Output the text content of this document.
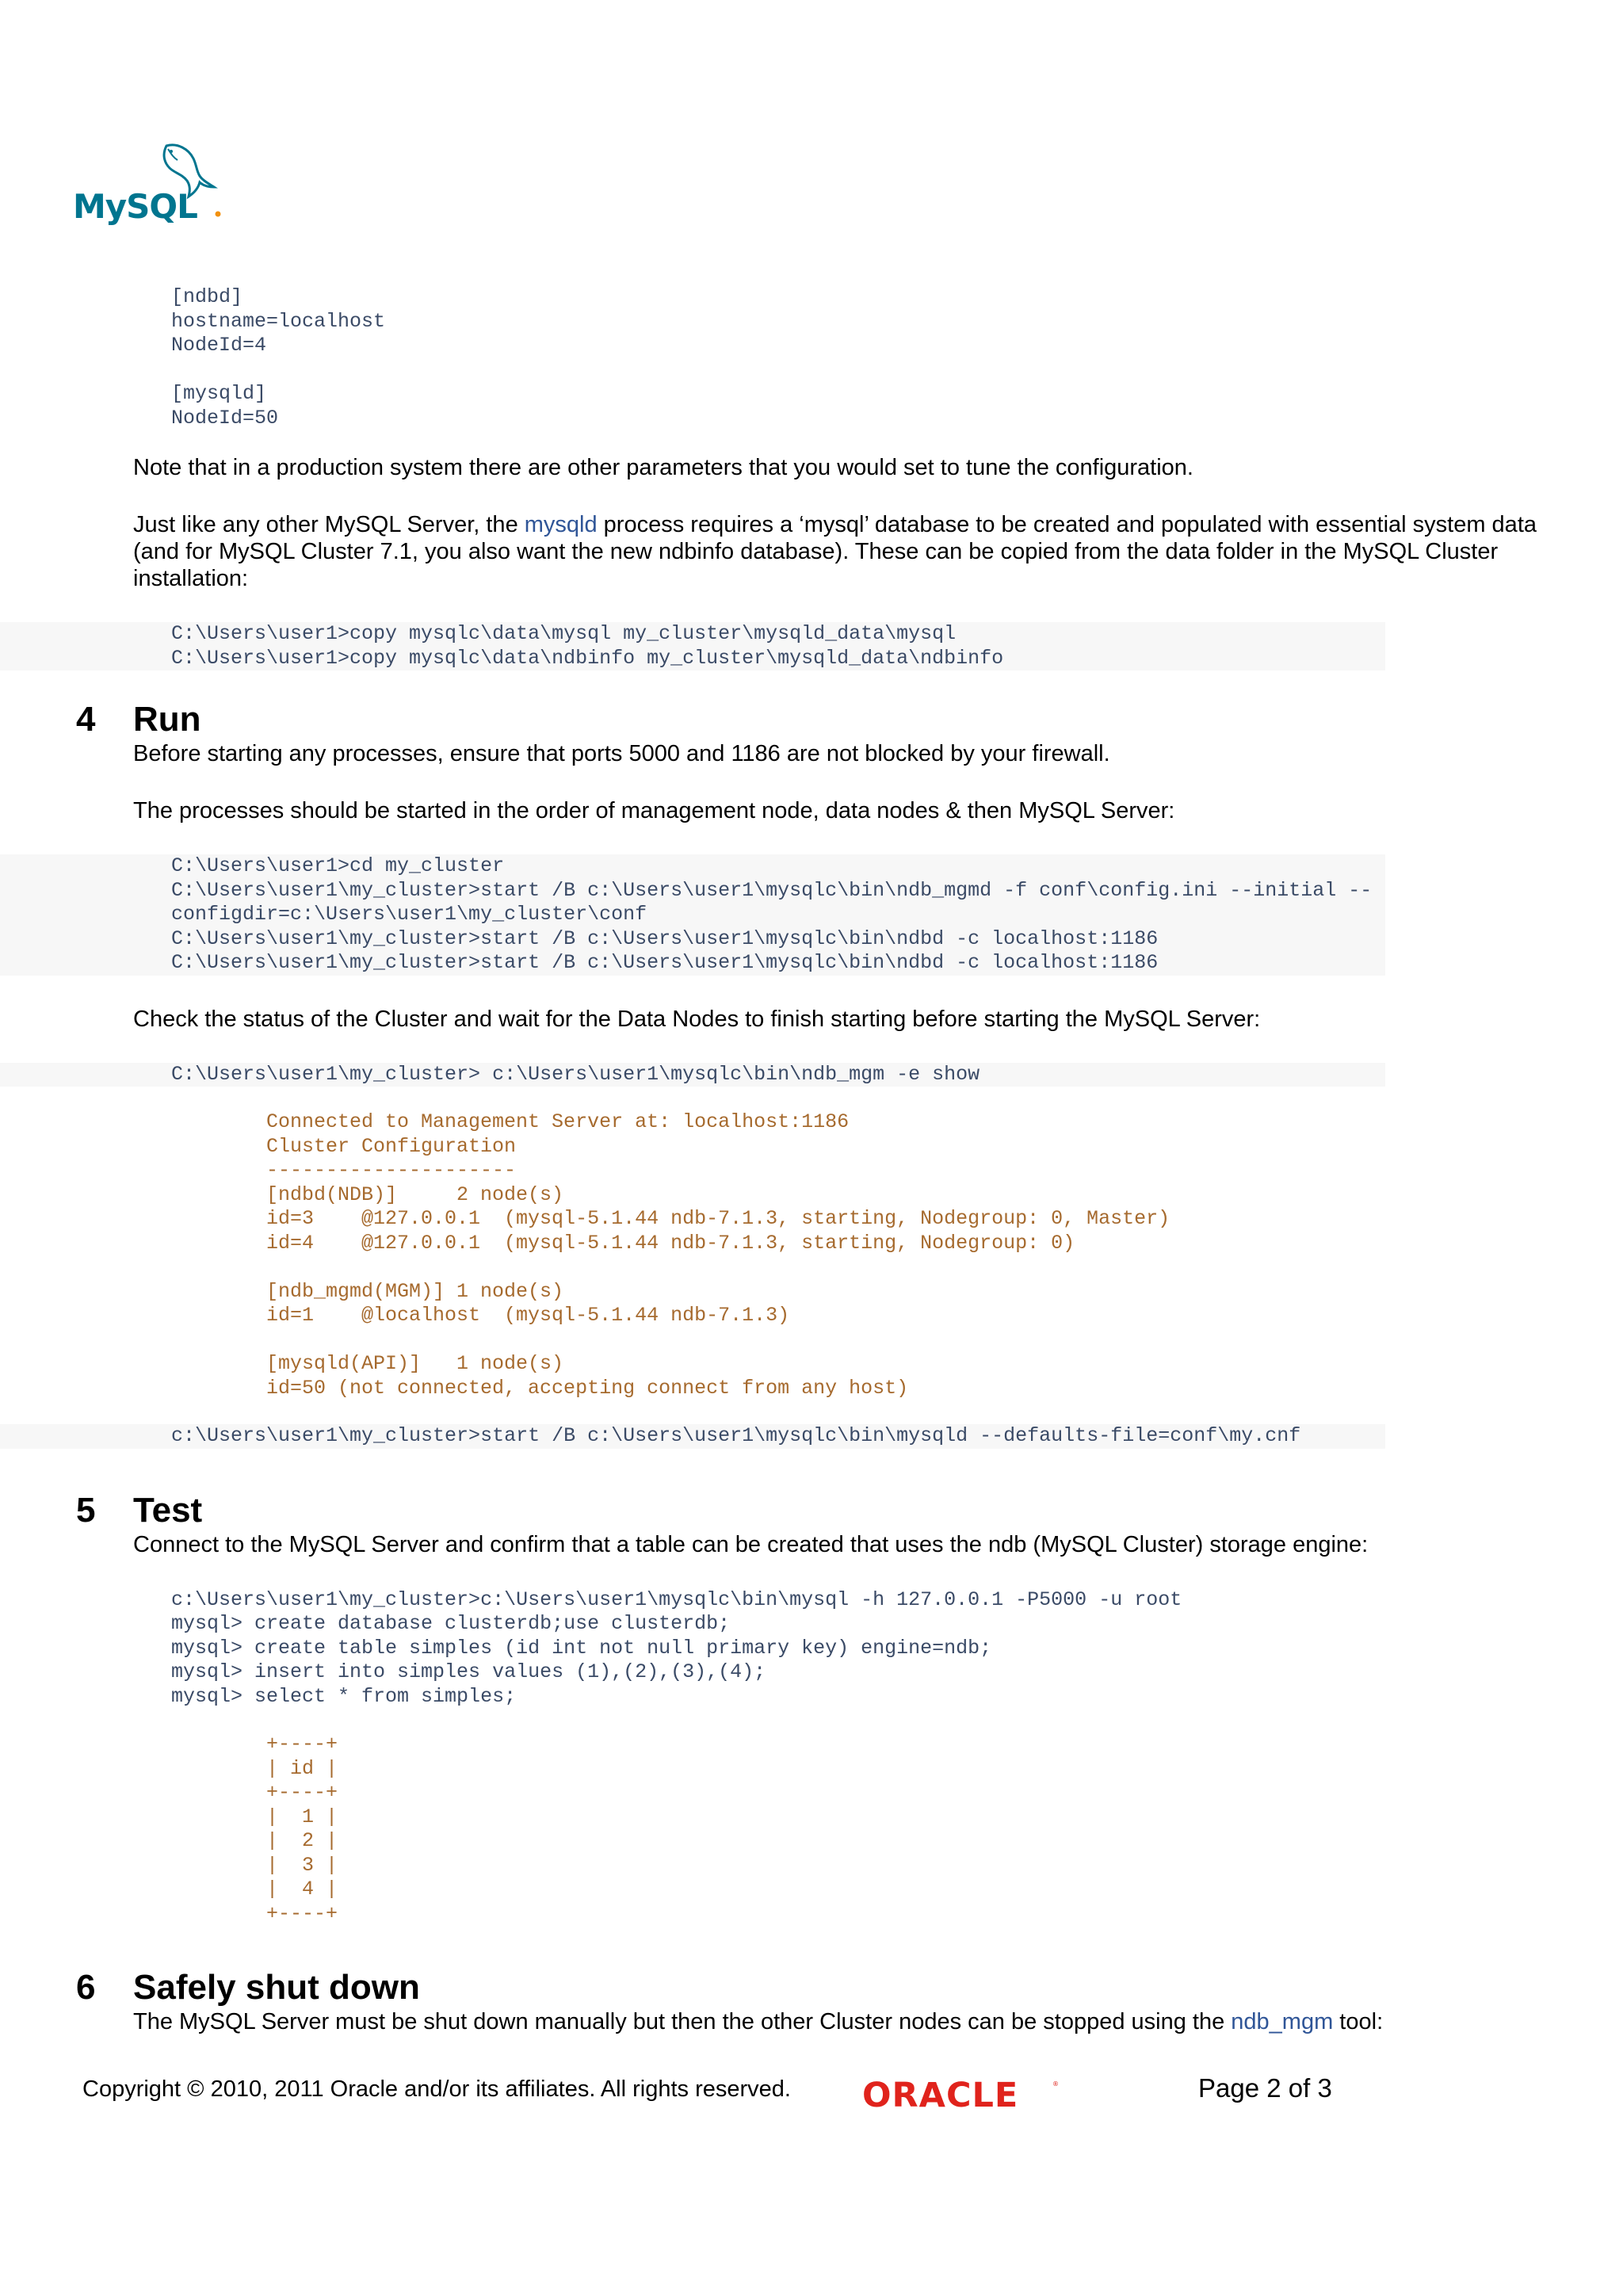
MySQL
[ndbd]
hostname=localhost
NodeId=4

[mysqld]
NodeId=50

Note that in a production system there are other parameters that you would set to tune the configuration.

Just like any other MySQL Server, the mysqld process requires a ‘mysql’ database to be created and populated with essential system data (and for MySQL Cluster 7.1, you also want the new ndbinfo database). These can be copied from the data folder in the MySQL Cluster installation:

C:\Users\user1>copy mysqlc\data\mysql my_cluster\mysqld_data\mysql
C:\Users\user1>copy mysqlc\data\ndbinfo my_cluster\mysqld_data\ndbinfo
4 Run

Before starting any processes, ensure that ports 5000 and 1186 are not blocked by your firewall.

The processes should be started in the order of management node, data nodes & then MySQL Server:

C:\Users\user1>cd my_cluster
C:\Users\user1\my_cluster>start /B c:\Users\user1\mysqlc\bin\ndb_mgmd -f conf\config.ini --initial --
configdir=c:\Users\user1\my_cluster\conf
C:\Users\user1\my_cluster>start /B c:\Users\user1\mysqlc\bin\ndbd -c localhost:1186
C:\Users\user1\my_cluster>start /B c:\Users\user1\mysqlc\bin\ndbd -c localhost:1186

Check the status of the Cluster and wait for the Data Nodes to finish starting before starting the MySQL Server:

C:\Users\user1\my_cluster> c:\Users\user1\mysqlc\bin\ndb_mgm -e show
Connected to Management Server at: localhost:1186
Cluster Configuration
---------------------
[ndbd(NDB)]     2 node(s)
id=3    @127.0.0.1  (mysql-5.1.44 ndb-7.1.3, starting, Nodegroup: 0, Master)
id=4    @127.0.0.1  (mysql-5.1.44 ndb-7.1.3, starting, Nodegroup: 0)

[ndb_mgmd(MGM)] 1 node(s)
id=1    @localhost  (mysql-5.1.44 ndb-7.1.3)

[mysqld(API)]   1 node(s)
id=50 (not connected, accepting connect from any host)
c:\Users\user1\my_cluster>start /B c:\Users\user1\mysqlc\bin\mysqld --defaults-file=conf\my.cnf
5 Test

Connect to the MySQL Server and confirm that a table can be created that uses the ndb (MySQL Cluster) storage engine:

c:\Users\user1\my_cluster>c:\Users\user1\mysqlc\bin\mysql -h 127.0.0.1 -P5000 -u root
mysql> create database clusterdb;use clusterdb;
mysql> create table simples (id int not null primary key) engine=ndb;
mysql> insert into simples values (1),(2),(3),(4);
mysql> select * from simples;
+----+
| id |
+----+
|  1 |
|  2 |
|  3 |
|  4 |
+----+
6 Safely shut down

The MySQL Server must be shut down manually but then the other Cluster nodes can be stopped using the ndb_mgm tool:

Copyright © 2010, 2011 Oracle and/or its affiliates. All rights reserved. ORACLE	®	Page 2 of 3
